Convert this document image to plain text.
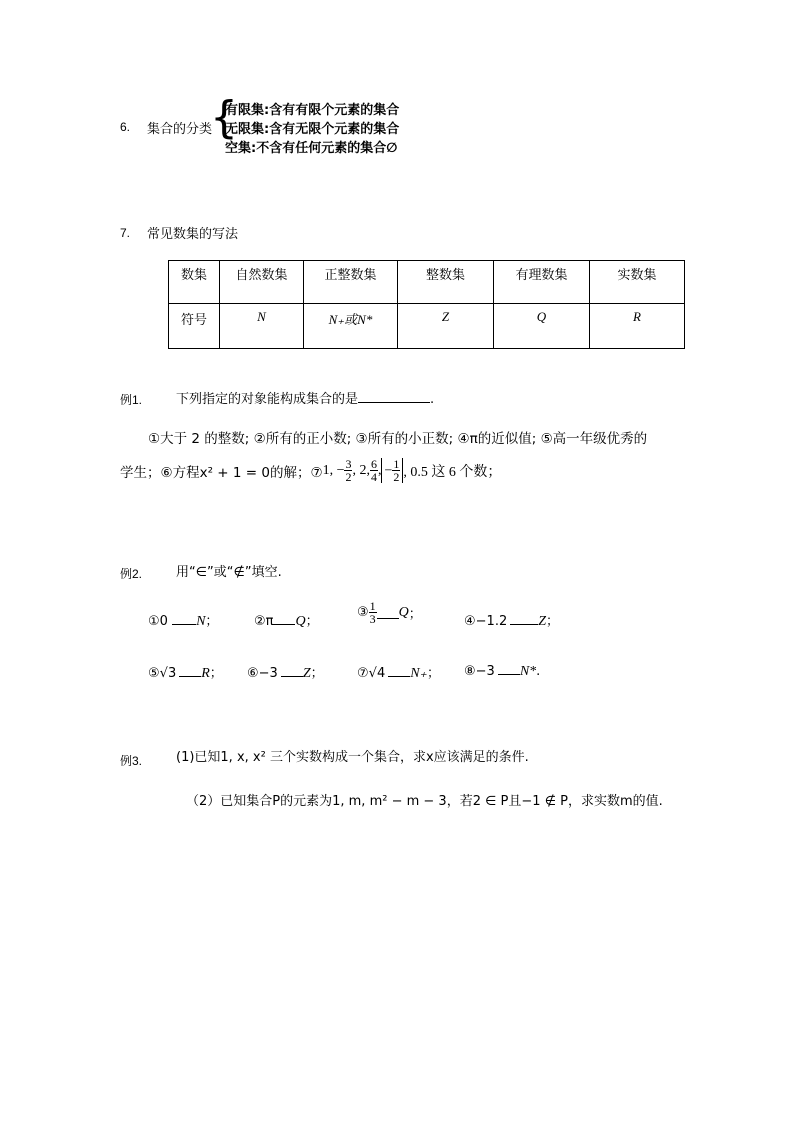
6. 集合的分类
{
有限集:含有有限个元素的集合
无限集:含有无限个元素的集合
空集:不含有任何元素的集合∅
7. 常见数集的写法
数集	自然数集	正整数集	整数集	有理数集	实数集
符号	N	N₊或N*	Z	Q	R
例1.	下列指定的对象能构成集合的是	.
①大于 2 的整数; ②所有的正小数; ③所有的小正数; ④π的近似值; ⑤高一年级优秀的
学生；⑥方程x² + 1 = 0的解；⑦ 1, − $\frac{3}{2}$ , 2, $\frac{6}{4}$ , − $\frac{1}{2}$ , 0.5 这 6 个数；
例2.	用“∈”或“∉”填空.
①0 N；	②π Q；
③ $\frac{1}{3}$ Q ；	④−1.2 Z；
⑤√3 R； ⑥−3 Z；	⑦√4 N₊； ⑧−3 N*.
例3.	(1)已知1, x, x² 三个实数构成一个集合，求x应该满足的条件.
（2）已知集合P的元素为1, m, m² − m − 3，若2 ∈ P且−1 ∉ P，求实数m的值.
